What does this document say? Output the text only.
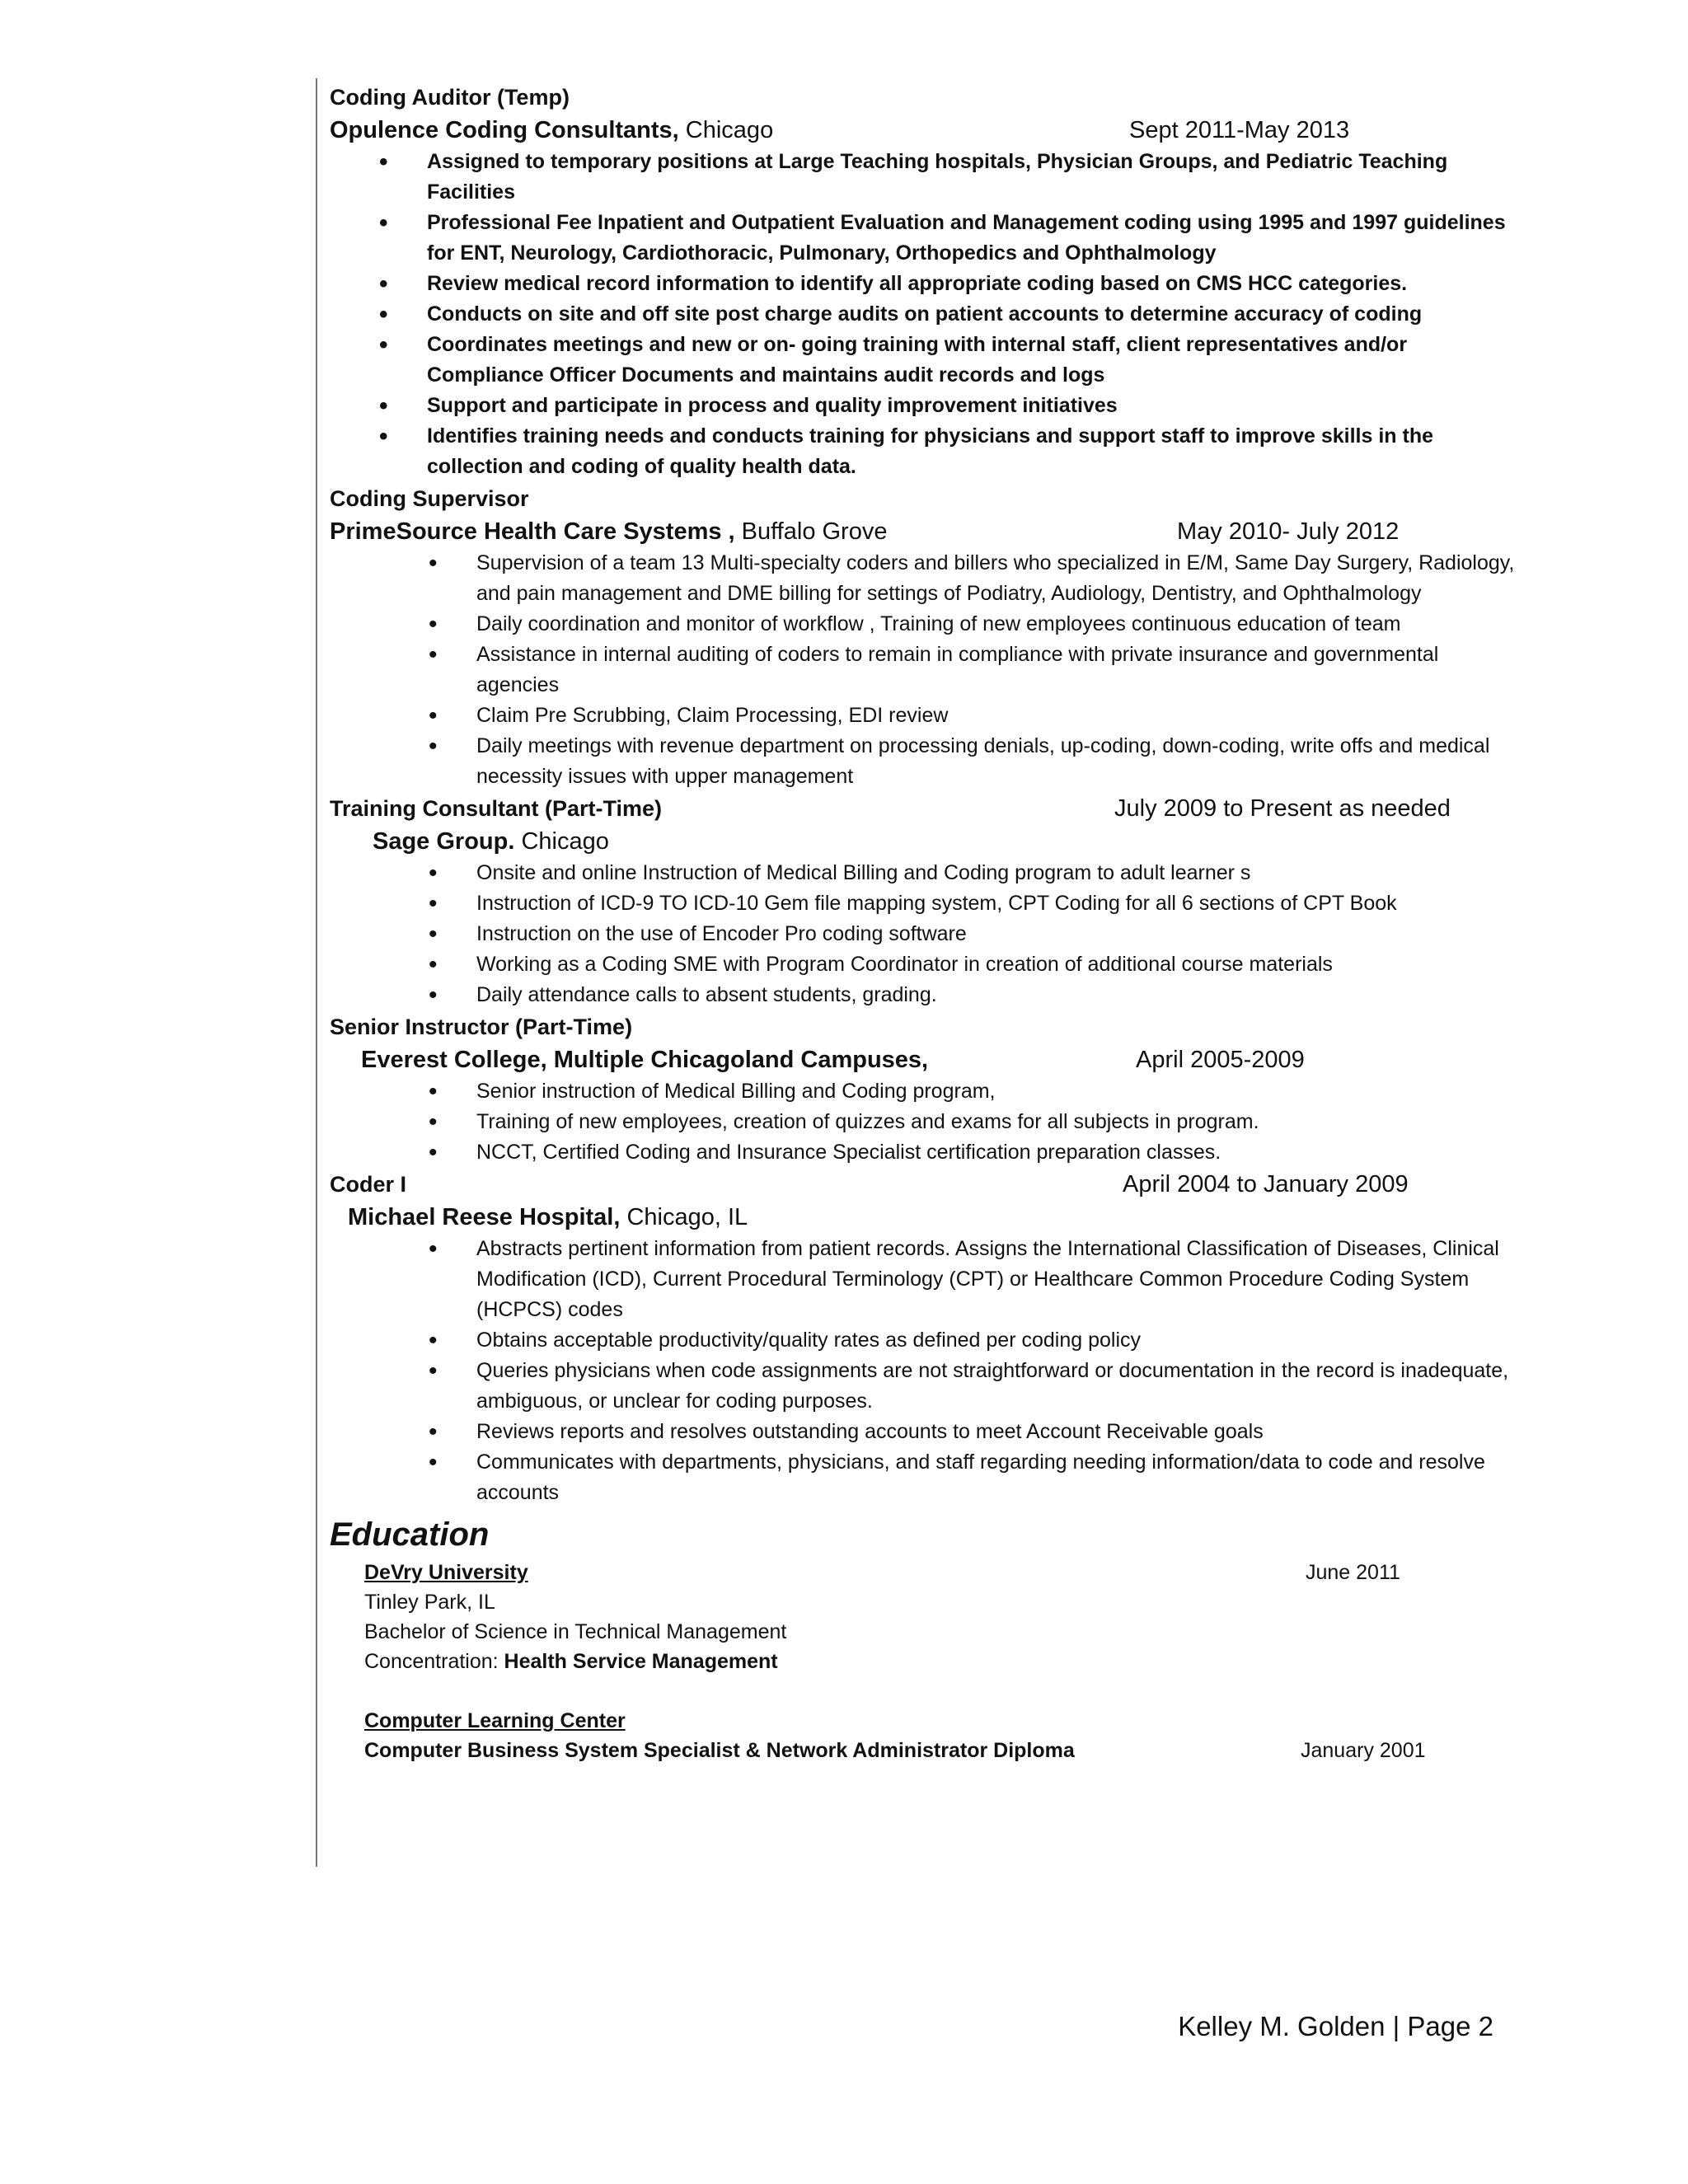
Coding Auditor (Temp)
Opulence Coding Consultants, Chicago	Sept 2011-May 2013
• Assigned to temporary positions at Large Teaching hospitals, Physician Groups, and Pediatric Teaching Facilities
• Professional Fee Inpatient and Outpatient Evaluation and Management coding using 1995 and 1997 guidelines for ENT, Neurology, Cardiothoracic, Pulmonary, Orthopedics and Ophthalmology
• Review medical record information to identify all appropriate coding based on CMS HCC categories.
• Conducts on site and off site post charge audits on patient accounts to determine accuracy of coding
• Coordinates meetings and new or on- going training with internal staff, client representatives and/or Compliance Officer Documents and maintains audit records and logs
• Support and participate in process and quality improvement initiatives
• Identifies training needs and conducts training for physicians and support staff to improve skills in the collection and coding of quality health data.
Coding Supervisor
PrimeSource Health Care Systems , Buffalo Grove	May 2010- July 2012
• Supervision of a team 13 Multi-specialty coders and billers who specialized in E/M, Same Day Surgery, Radiology, and pain management and DME billing for settings of Podiatry, Audiology, Dentistry, and Ophthalmology
• Daily coordination and monitor of workflow , Training of new employees continuous education of team
• Assistance in internal auditing of coders to remain in compliance with private insurance and governmental agencies
• Claim Pre Scrubbing, Claim Processing, EDI review
• Daily meetings with revenue department on processing denials, up-coding, down-coding, write offs and medical necessity issues with upper management
Training Consultant (Part-Time)	July 2009 to Present as needed
Sage Group. Chicago
• Onsite and online Instruction of Medical Billing and Coding program to adult learner s
• Instruction of ICD-9 TO ICD-10 Gem file mapping system, CPT Coding for all 6 sections of CPT Book
• Instruction on the use of Encoder Pro coding software
• Working as a Coding SME with Program Coordinator in creation of additional course materials
• Daily attendance calls to absent students, grading.
Senior Instructor (Part-Time)
Everest College, Multiple Chicagoland Campuses,	April 2005-2009
• Senior instruction of Medical Billing and Coding program,
• Training of new employees, creation of quizzes and exams for all subjects in program.
• NCCT, Certified Coding and Insurance Specialist certification preparation classes.
Coder I	April 2004 to January 2009
Michael Reese Hospital, Chicago, IL
• Abstracts pertinent information from patient records. Assigns the International Classification of Diseases, Clinical Modification (ICD), Current Procedural Terminology (CPT) or Healthcare Common Procedure Coding System (HCPCS) codes
• Obtains acceptable productivity/quality rates as defined per coding policy
• Queries physicians when code assignments are not straightforward or documentation in the record is inadequate, ambiguous, or unclear for coding purposes.
• Reviews reports and resolves outstanding accounts to meet Account Receivable goals
• Communicates with departments, physicians, and staff regarding needing information/data to code and resolve accounts
Education
DeVry University	June 2011
Tinley Park, IL
Bachelor of Science in Technical Management
Concentration: Health Service Management
Computer Learning Center
Computer Business System Specialist & Network Administrator Diploma	January 2001
Kelley M. Golden | Page 2
